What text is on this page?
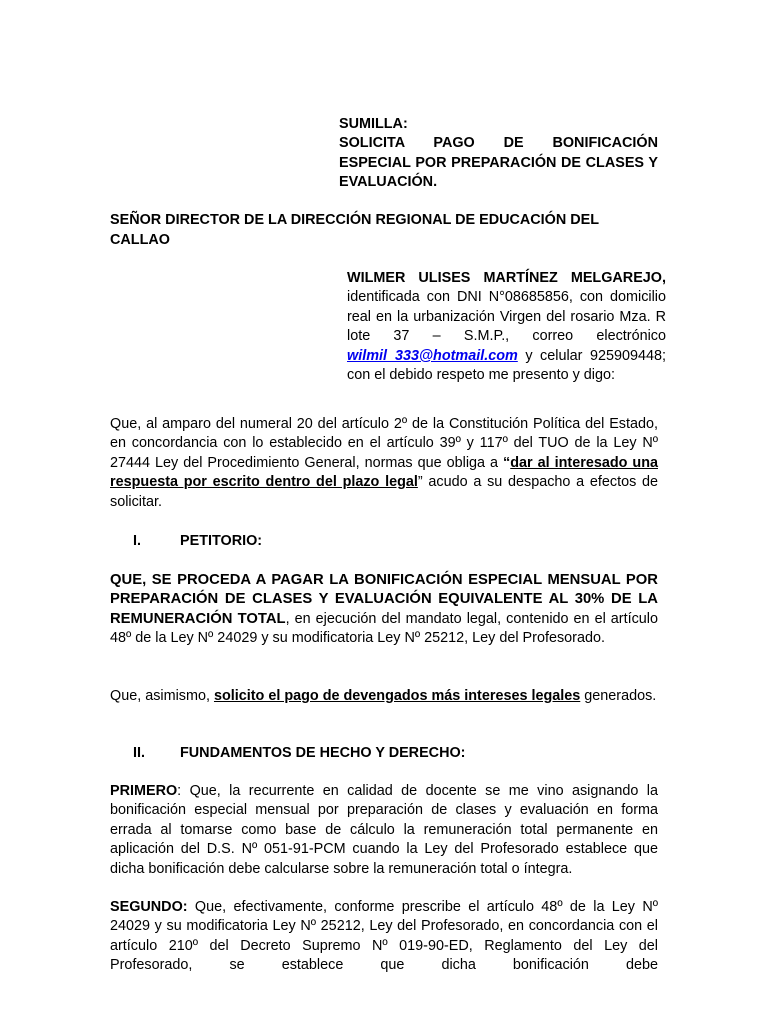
SUMILLA:
SOLICITA PAGO DE BONIFICACIÓN ESPECIAL POR PREPARACIÓN DE CLASES Y EVALUACIÓN.
SEÑOR DIRECTOR DE LA DIRECCIÓN REGIONAL DE EDUCACIÓN DEL CALLAO
WILMER ULISES MARTÍNEZ MELGAREJO, identificada con DNI N°08685856, con domicilio real en la urbanización Virgen del rosario Mza. R lote 37 – S.M.P., correo electrónico wilmil_333@hotmail.com y celular 925909448; con el debido respeto me presento y digo:
Que, al amparo del numeral 20 del artículo 2º de la Constitución Política del Estado, en concordancia con lo establecido en el artículo 39º y 117º del TUO de la Ley Nº 27444 Ley del Procedimiento General, normas que obliga a “dar al interesado una respuesta por escrito dentro del plazo legal” acudo a su despacho a efectos de solicitar.
I.	PETITORIO:
QUE, SE PROCEDA A PAGAR LA BONIFICACIÓN ESPECIAL MENSUAL POR PREPARACIÓN DE CLASES Y EVALUACIÓN EQUIVALENTE AL 30% DE LA REMUNERACIÓN TOTAL, en ejecución del mandato legal, contenido en el artículo 48º de la Ley Nº 24029 y su modificatoria Ley Nº 25212, Ley del Profesorado.
Que, asimismo, solicito el pago de devengados más intereses legales generados.
II. FUNDAMENTOS DE HECHO Y DERECHO:
PRIMERO: Que, la recurrente en calidad de docente se me vino asignando la bonificación especial mensual por preparación de clases y evaluación en forma errada al tomarse como base de cálculo la remuneración total permanente en aplicación del D.S. Nº 051-91-PCM cuando la Ley del Profesorado establece que dicha bonificación debe calcularse sobre la remuneración total o íntegra.
SEGUNDO: Que, efectivamente, conforme prescribe el artículo 48º de la Ley Nº 24029 y su modificatoria Ley Nº 25212, Ley del Profesorado, en concordancia con el artículo 210º del Decreto Supremo Nº 019-90-ED, Reglamento del Ley del Profesorado, se establece que dicha bonificación debe
